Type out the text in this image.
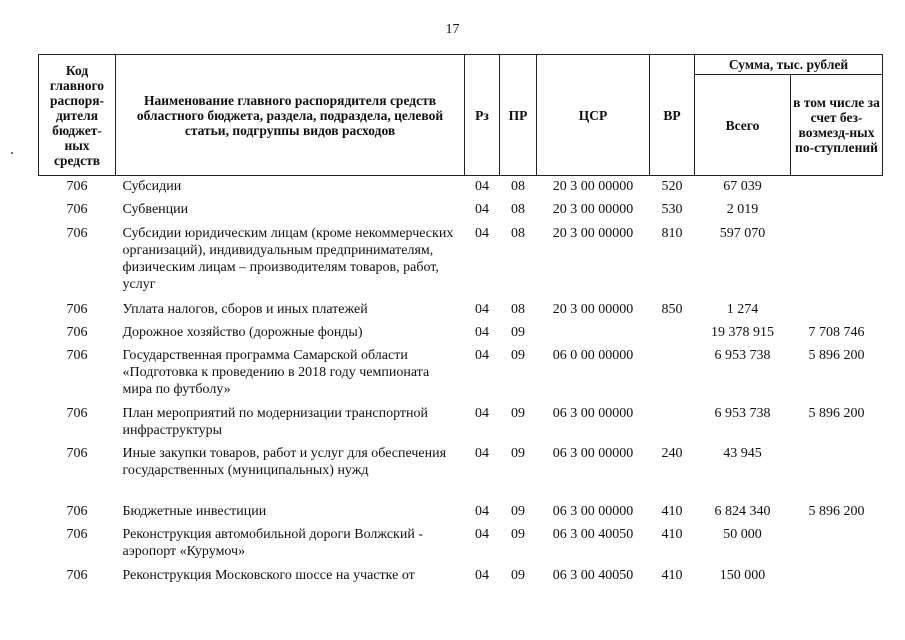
17
Код главного распоря-дителя бюджет-ных средств	Наименование главного распорядителя средств областного бюджета, раздела, подраздела, целевой статьи, подгруппы видов расходов	Рз	ПР	ЦСР	ВР	Сумма, тыс. рублей	
						Всего	в том числе за счет без-возмезд-ных по-ступлений
706	Субсидии	04	08	20 3 00 00000	520	67 039	
706	Субвенции	04	08	20 3 00 00000	530	2 019	
706	Субсидии юридическим лицам (кроме некоммерческих организаций), индивидуальным предпринимателям, физическим лицам – производителям товаров, работ, услуг	04	08	20 3 00 00000	810	597 070	
706	Уплата налогов, сборов и иных платежей	04	08	20 3 00 00000	850	1 274	
706	Дорожное хозяйство (дорожные фонды)	04	09			19 378 915	7 708 746
706	Государственная программа Самарской области «Подготовка к проведению в 2018 году чемпионата мира по футболу»	04	09	06 0 00 00000		6 953 738	5 896 200
706	План мероприятий по модернизации транспортной инфраструктуры	04	09	06 3 00 00000		6 953 738	5 896 200
706	Иные закупки товаров, работ и услуг для обеспечения государственных (муниципальных) нужд	04	09	06 3 00 00000	240	43 945	
706	Бюджетные инвестиции	04	09	06 3 00 00000	410	6 824 340	5 896 200
706	Реконструкция автомобильной дороги Волжский - аэропорт «Курумоч»	04	09	06 3 00 40050	410	50 000	
706	Реконструкция Московского шоссе на участке от	04	09	06 3 00 40050	410	150 000	
